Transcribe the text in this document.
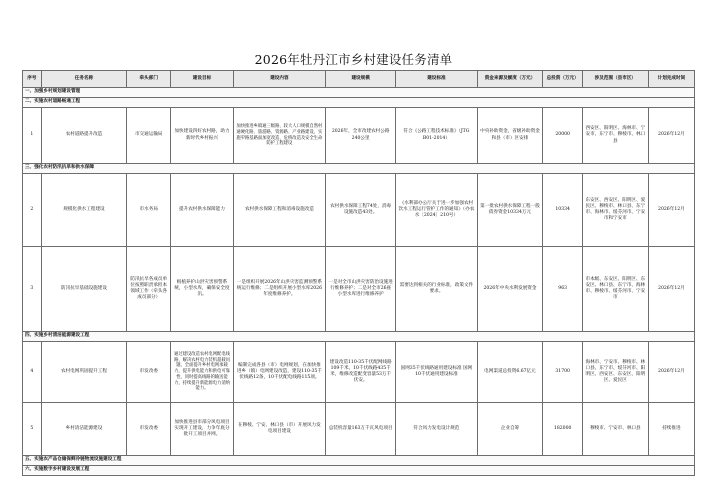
2026年牡丹江市乡村建设任务清单
序号	任务名称	牵头部门	建设目标	建设内容	建设规模	建设标准	资金来源及额度（万元）	总投资（万元）	涉及范围（县市区）	计划完成时间
一、加强乡村规划建设管理										
二、实施农村道路畅通工程										
1	农村道路提升改造	市交通运输局	加快建设四好农村路，助力新时代乡村振兴	加快推进乡镇通三级路、较大人口规模自然村通硬化路、旅游路、资源路、产业路建设，实施窄路基路面加宽改造、危桥改造及安全生命防护工程建设	2026年，全市改建农村公路240公里	符合《公路工程技术标准》（JTG B01-2014）	中央补助资金、省级补助资金和县（市）区安排	20000	西安区、阳明区、海林市、宁安市、东宁市、穆棱市、林口县	2026年12月
三、强化农村防汛抗旱和供水保障										
2	规模化供水工程建设	市水务局	提升农村供水保障能力	农村供水保障工程和消毒设施改造	农村供水保障工程74处，消毒设施改造43处。	《水利部办公厅关于进一步加强农村饮水工程运行管护工作的通知》（办农水〔2024〕210号）	第一批农村供水保障工程一般债券资金10334万元	10334	东安区、西安区、阳明区、爱民区、穆棱市、林口县、东宁市、海林市、绥芬河市、宁安市和宁安市	2026年12月
3	防汛抗旱基础设施建设	防汛抗旱各成员单位按照职责承担本领域工作（牵头各成员部分）	根植养护山洪灾害预警系统，小型水库，确保安全度汛。	一是组织开展2026年山洪灾害监测预警系统运行维修；二是组织开展小型水库2026年度维修养护。	一是对全市山洪灾害防治设施进行维修养护；二是对全市26座小型水库进行维修养护	需要达到相关的行业标准，政策文件要求。	2026年中央水利发展资金	963	市本级、东安区、阳明区、东安区、林口县、东宁市、海林市、穆棱市、绥芬河市、宁安市	2026年12月
四、实施乡村清洁能源建设工程										
4	农村电网巩固提升工程	市发改委	通过建设改造农村电网配电线路，解决农村电力装机超载问题，全面提升乡村电网承载力，提升供电能力和供电可靠性，同时提高线路的输送能力，持续提升新能源电力消纳能力。	编制完成各县（市）电网规划，在加快推进乡（镇）电网建设改造，建设110-35千伏线路12条，10千伏配电线路115项。	建设改造110-35千伏配网线路109千米、10千伏线路435千米，维修改造配变容量53万千伏安。	国网35千伏线路通用建设标准 国网10千伏通用建设标准	电网渠道总投资6.67亿元	31700	海林市、宁安市、穆棱市、林口县、东宁市、绥芬河市、阳明区、西安区、东安区、阳明区、爱民区	2026年12月
5	乡村清洁能源建设	市发改委	加快推进县市部分风电项目实现开工建设，力争年底分批开工项目并网。	在穆棱、宁安、林口县（市）开展风力发电项目建设	总装机容量163万千瓦风电项目	符合风力发电设计规范	企业自筹	182000	穆棱市、宁安市、林口县	持续推进
五、实施农产品仓储保鲜冷链物流设施建设工程										
六、实施数字乡村建设发展工程										
